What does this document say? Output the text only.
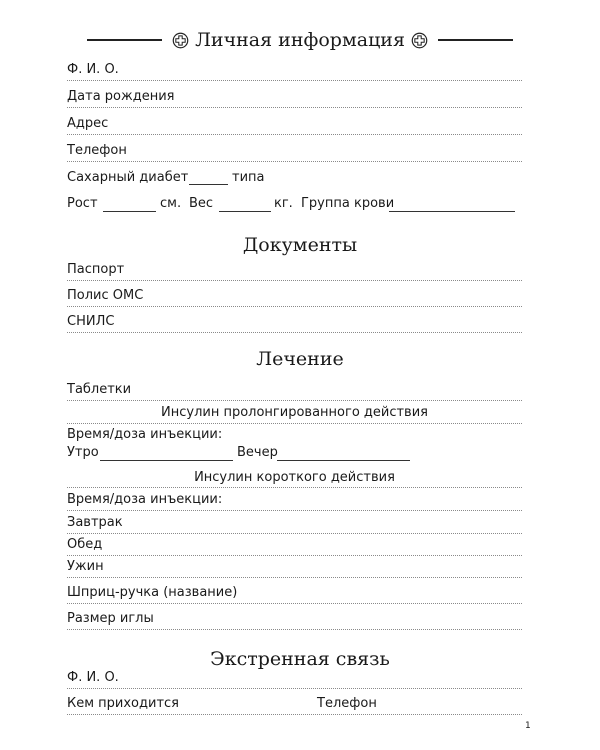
Личная информация
Ф. И. О.
Дата рождения
Адрес
Телефон
Сахарный диабет	типа
Рост	см. Вес	кг. Группа крови
Документы
Паспорт
Полис ОМС
СНИЛС
Лечение
Таблетки
Инсулин пролонгированного действия
Время/доза инъекции:
Утро	Вечер
Инсулин короткого действия
Время/доза инъекции:
Завтрак
Обед
Ужин
Шприц-ручка (название)
Размер иглы
Экстренная связь
Ф. И. О.
Кем приходится	Телефон
1
